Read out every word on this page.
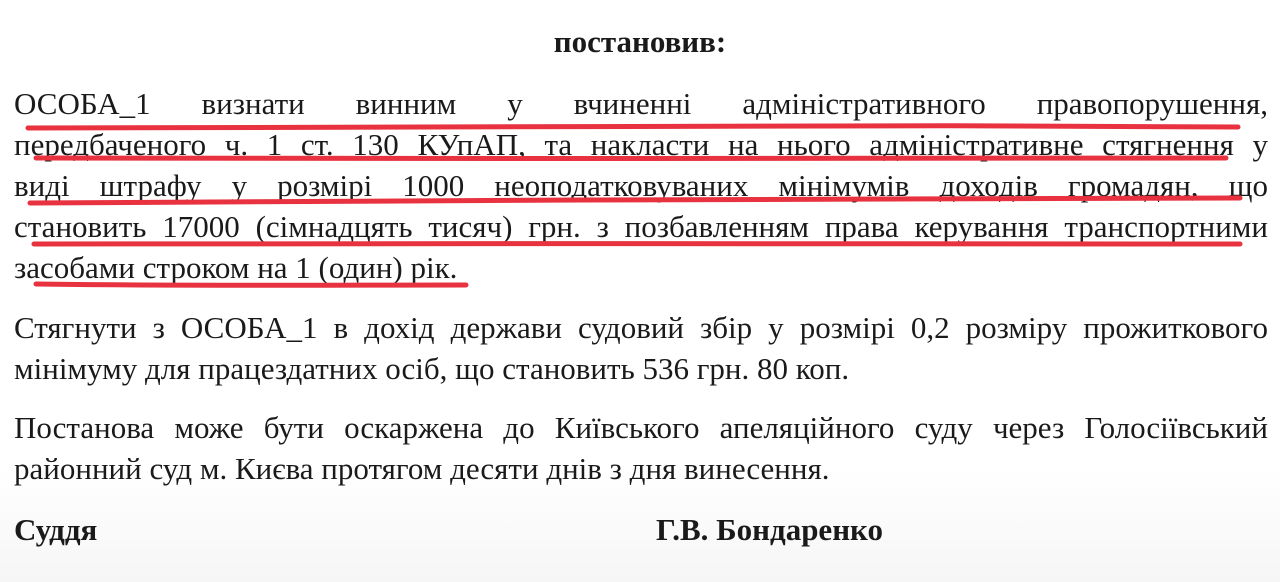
постановив:
ОСОБА_1 визнати винним у вчиненні адміністративного правопорушення,
передбаченого ч. 1 ст. 130 КУпАП, та накласти на нього адміністративне стягнення у
виді штрафу у розмірі 1000 неоподатковуваних мінімумів доходів громадян, що
становить 17000 (сімнадцять тисяч) грн. з позбавленням права керування транспортними
засобами строком на 1 (один) рік.
Стягнути з ОСОБА_1 в дохід держави судовий збір у розмірі 0,2 розміру прожиткового
мінімуму для працездатних осіб, що становить 536 грн. 80 коп.
Постанова може бути оскаржена до Київського апеляційного суду через Голосіївський
районний суд м. Києва протягом десяти днів з дня винесення.
Суддя	Г.В. Бондаренко
